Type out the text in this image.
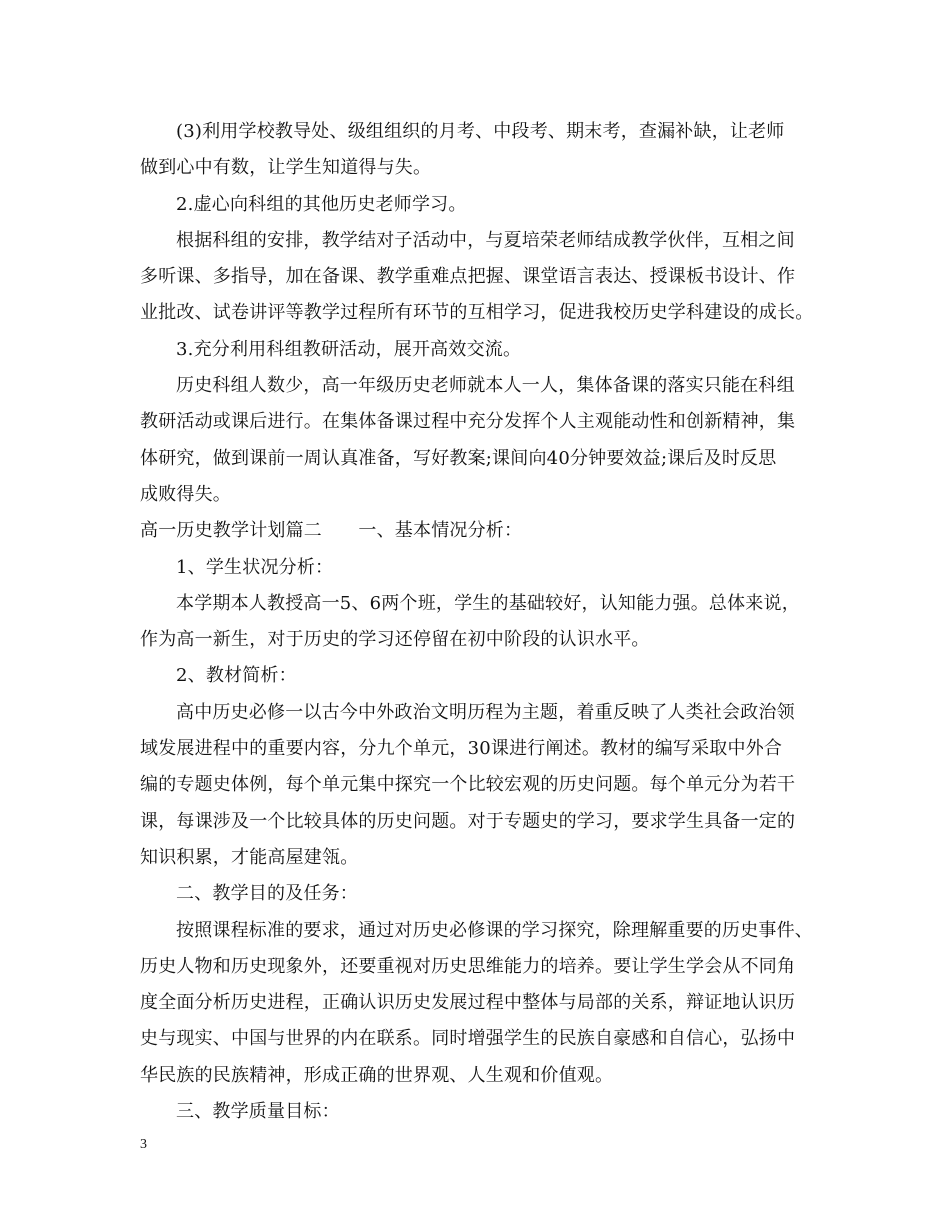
(3)利用学校教导处、级组组织的月考、中段考、期末考，查漏补缺，让老师
做到心中有数，让学生知道得与失。
2.虚心向科组的其他历史老师学习。
根据科组的安排，教学结对子活动中，与夏培荣老师结成教学伙伴，互相之间
多听课、多指导，加在备课、教学重难点把握、课堂语言表达、授课板书设计、作
业批改、试卷讲评等教学过程所有环节的互相学习，促进我校历史学科建设的成长。
3.充分利用科组教研活动，展开高效交流。
历史科组人数少，高一年级历史老师就本人一人，集体备课的落实只能在科组
教研活动或课后进行。在集体备课过程中充分发挥个人主观能动性和创新精神，集
体研究，做到课前一周认真准备，写好教案;课间向40分钟要效益;课后及时反思
成败得失。
高一历史教学计划篇二　　一、基本情况分析：
1、学生状况分析：
本学期本人教授高一5、6两个班，学生的基础较好，认知能力强。总体来说，
作为高一新生，对于历史的学习还停留在初中阶段的认识水平。
2、教材简析：
高中历史必修一以古今中外政治文明历程为主题，着重反映了人类社会政治领
域发展进程中的重要内容，分九个单元，30课进行阐述。教材的编写采取中外合
编的专题史体例，每个单元集中探究一个比较宏观的历史问题。每个单元分为若干
课，每课涉及一个比较具体的历史问题。对于专题史的学习，要求学生具备一定的
知识积累，才能高屋建瓴。
二、教学目的及任务：
按照课程标准的要求，通过对历史必修课的学习探究，除理解重要的历史事件、
历史人物和历史现象外，还要重视对历史思维能力的培养。要让学生学会从不同角
度全面分析历史进程，正确认识历史发展过程中整体与局部的关系，辩证地认识历
史与现实、中国与世界的内在联系。同时增强学生的民族自豪感和自信心，弘扬中
华民族的民族精神，形成正确的世界观、人生观和价值观。
三、教学质量目标：
3
